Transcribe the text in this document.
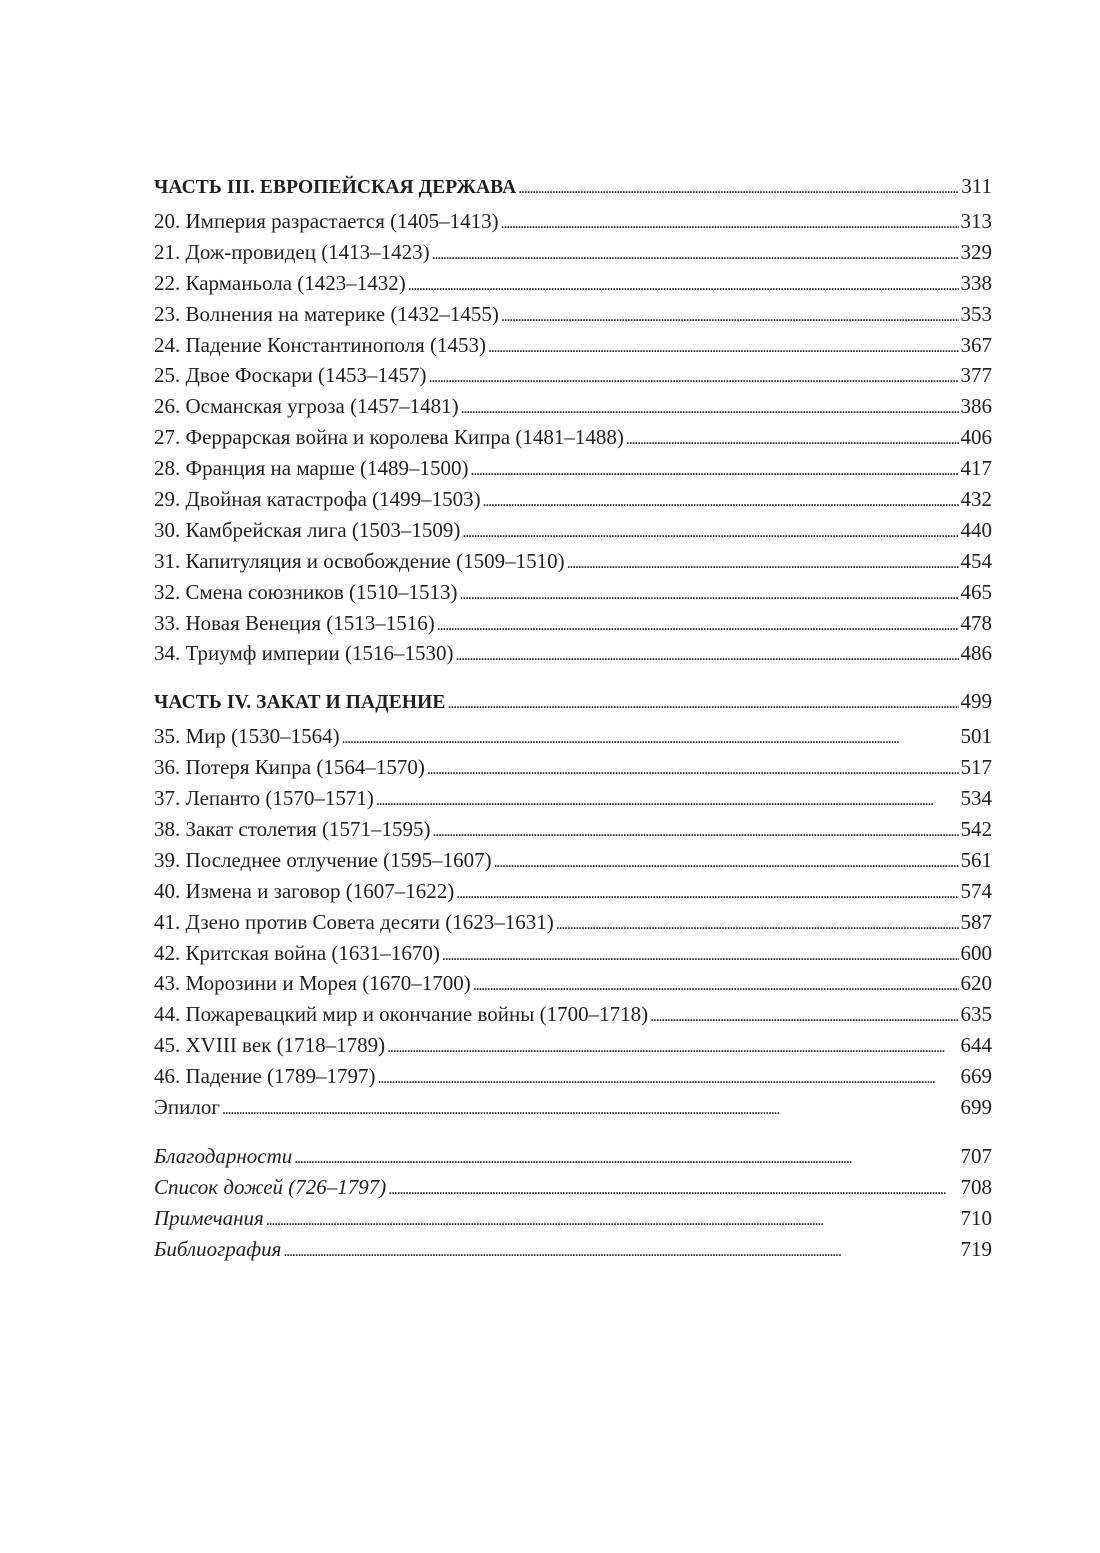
ЧАСТЬ III. ЕВРОПЕЙСКАЯ ДЕРЖАВА . . .	311
20. Империя разрастается (1405–1413) . . .	313
21. Дож-провидец (1413–1423) . . .	329
22. Карманьола (1423–1432) . . .	338
23. Волнения на материке (1432–1455) . . .	353
24. Падение Константинополя (1453) . . .	367
25. Двое Фоскари (1453–1457) . . .	377
26. Османская угроза (1457–1481) . . .	386
27. Феррарская война и королева Кипра (1481–1488) . . .	406
28. Франция на марше (1489–1500) . . .	417
29. Двойная катастрофа (1499–1503) . . .	432
30. Камбрейская лига (1503–1509) . . .	440
31. Капитуляция и освобождение (1509–1510) . . .	454
32. Смена союзников (1510–1513) . . .	465
33. Новая Венеция (1513–1516) . . .	478
34. Триумф империи (1516–1530) . . .	486
ЧАСТЬ IV. ЗАКАТ И ПАДЕНИЕ . . .	499
35. Мир (1530–1564) . . .	501
36. Потеря Кипра (1564–1570) . . .	517
37. Лепанто (1570–1571) . . .	534
38. Закат столетия (1571–1595) . . .	542
39. Последнее отлучение (1595–1607) . . .	561
40. Измена и заговор (1607–1622) . . .	574
41. Дзено против Совета десяти (1623–1631) . . .	587
42. Критская война (1631–1670) . . .	600
43. Морозини и Морея (1670–1700) . . .	620
44. Пожаревацкий мир и окончание войны (1700–1718) . . .	635
45. XVIII век (1718–1789) . . .	644
46. Падение (1789–1797) . . .	669
Эпилог . . .	699
Благодарности . . .	707
Список дожей (726–1797) . . .	708
Примечания . . .	710
Библиография . . .	719
